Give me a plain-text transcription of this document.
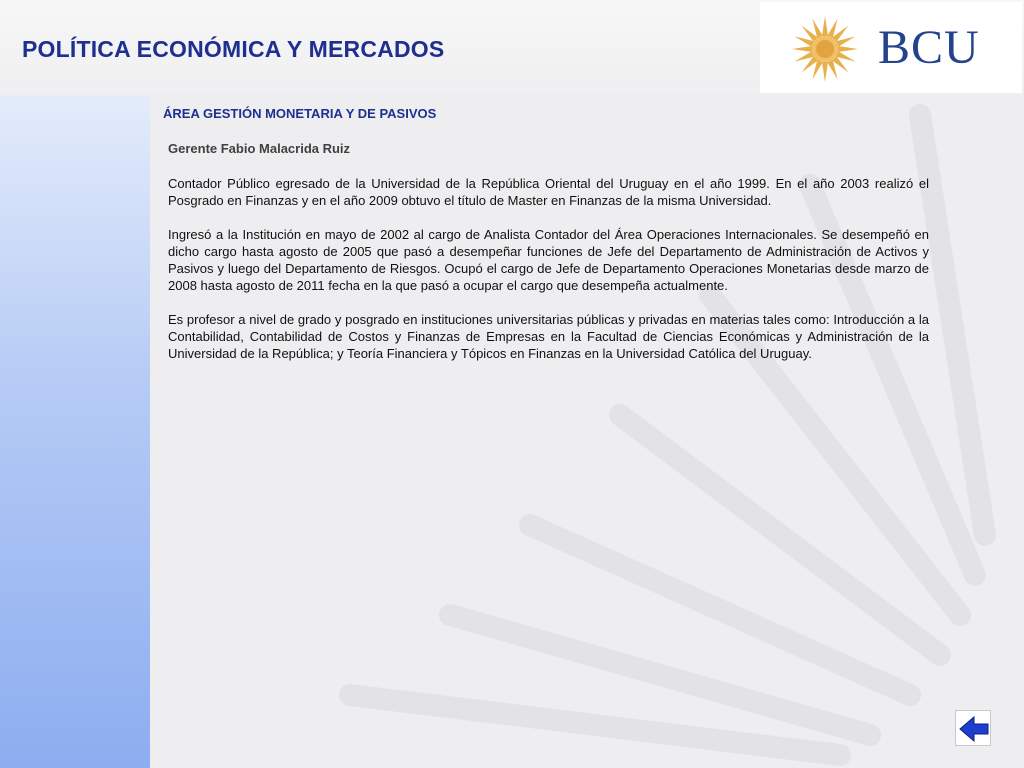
POLÍTICA ECONÓMICA Y MERCADOS	BCU
ÁREA GESTIÓN MONETARIA Y DE PASIVOS
Gerente Fabio Malacrida Ruiz

Contador Público egresado de la Universidad de la República Oriental del Uruguay en el año 1999. En el año 2003 realizó el Posgrado en Finanzas y en el año 2009 obtuvo el título de Master en Finanzas de la misma Universidad.

Ingresó a la Institución en mayo de 2002 al cargo de Analista Contador del Área Operaciones Internacionales. Se desempeñó en dicho cargo hasta agosto de 2005 que pasó a desempeñar funciones de Jefe del Departamento de Administración de Activos y Pasivos y luego del Departamento de Riesgos. Ocupó el cargo de Jefe de Departamento Operaciones Monetarias desde marzo de 2008 hasta agosto de 2011 fecha en la que pasó a ocupar el cargo que desempeña actualmente.

Es profesor a nivel de grado y posgrado en instituciones universitarias públicas y privadas en materias tales como: Introducción a la Contabilidad, Contabilidad de Costos y Finanzas de Empresas en la Facultad de Ciencias Económicas y Administración de la Universidad de la República; y Teoría Financiera y Tópicos en Finanzas en la Universidad Católica del Uruguay.
